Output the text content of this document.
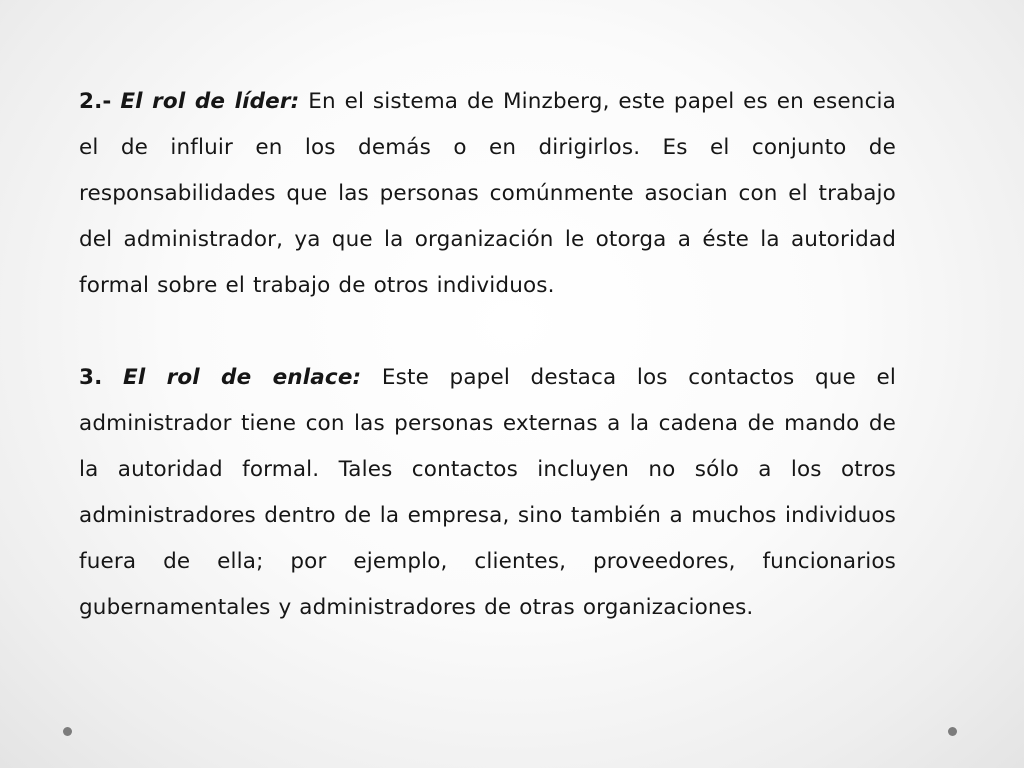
2.- El rol de líder: En el sistema de Minzberg, este papel es en esencia el de influir en los demás o en dirigirlos. Es el conjunto de responsabilidades que las personas comúnmente asocian con el trabajo del administrador, ya que la organización le otorga a éste la autoridad formal sobre el trabajo de otros individuos.

3. El rol de enlace: Este papel destaca los contactos que el administrador tiene con las personas externas a la cadena de mando de la autoridad formal. Tales contactos incluyen no sólo a los otros administradores dentro de la empresa, sino también a muchos individuos fuera de ella; por ejemplo, clientes, proveedores, funcionarios gubernamentales y administradores de otras organizaciones.
